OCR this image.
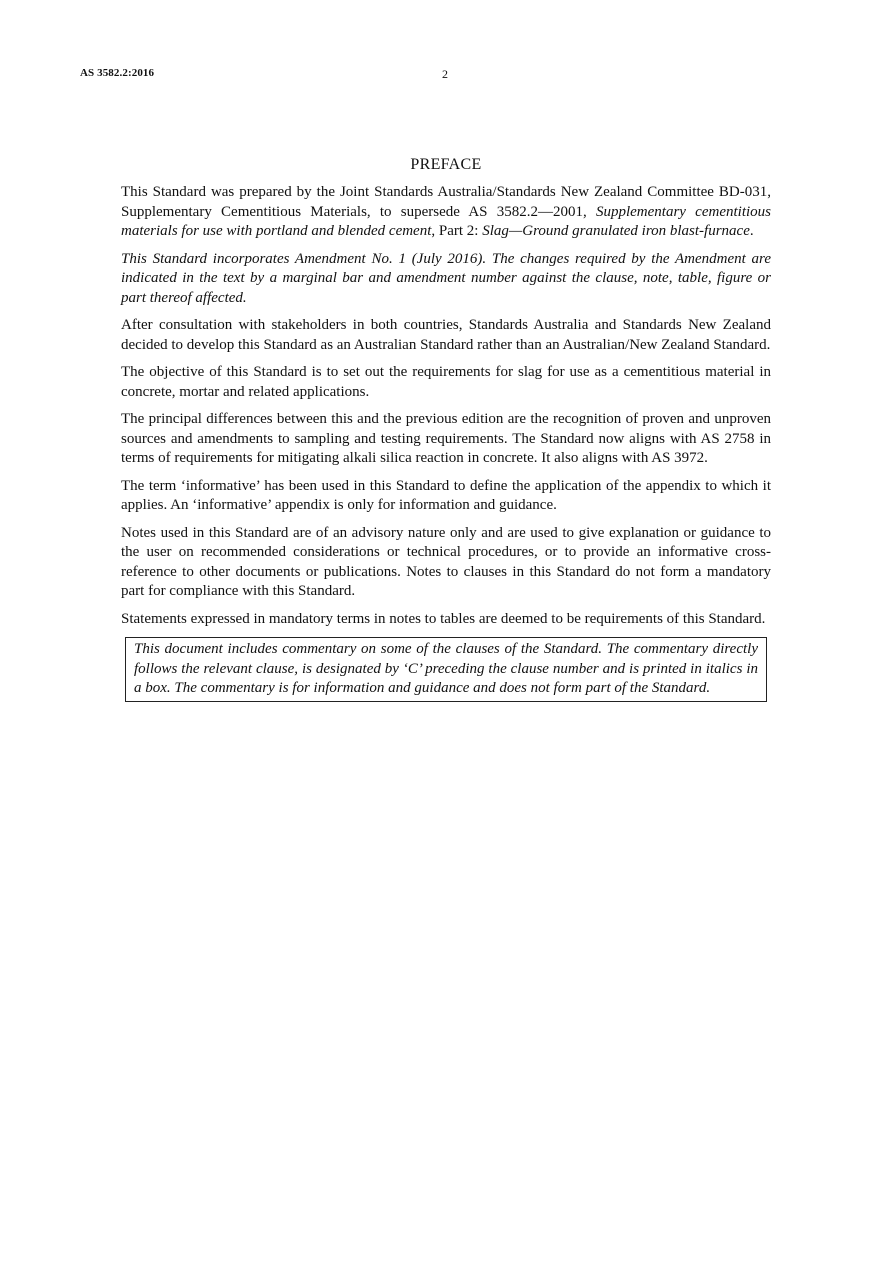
AS 3582.2:2016	2
PREFACE

This Standard was prepared by the Joint Standards Australia/Standards New Zealand Committee BD-031, Supplementary Cementitious Materials, to supersede AS 3582.2—2001, Supplementary cementitious materials for use with portland and blended cement, Part 2: Slag—Ground granulated iron blast-furnace.

This Standard incorporates Amendment No. 1 (July 2016). The changes required by the Amendment are indicated in the text by a marginal bar and amendment number against the clause, note, table, figure or part thereof affected.

After consultation with stakeholders in both countries, Standards Australia and Standards New Zealand decided to develop this Standard as an Australian Standard rather than an Australian/New Zealand Standard.

The objective of this Standard is to set out the requirements for slag for use as a cementitious material in concrete, mortar and related applications.

The principal differences between this and the previous edition are the recognition of proven and unproven sources and amendments to sampling and testing requirements. The Standard now aligns with AS 2758 in terms of requirements for mitigating alkali silica reaction in concrete. It also aligns with AS 3972.

The term ‘informative’ has been used in this Standard to define the application of the appendix to which it applies. An ‘informative’ appendix is only for information and guidance.

Notes used in this Standard are of an advisory nature only and are used to give explanation or guidance to the user on recommended considerations or technical procedures, or to provide an informative cross-reference to other documents or publications. Notes to clauses in this Standard do not form a mandatory part for compliance with this Standard.

Statements expressed in mandatory terms in notes to tables are deemed to be requirements of this Standard.

This document includes commentary on some of the clauses of the Standard. The commentary directly follows the relevant clause, is designated by ‘C’ preceding the clause number and is printed in italics in a box. The commentary is for information and guidance and does not form part of the Standard.
